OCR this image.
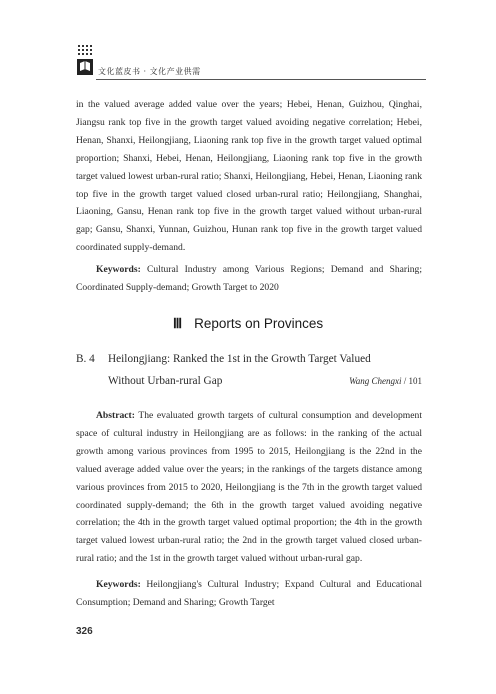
文化蓝皮书 · 文化产业供需

in the valued average added value over the years; Hebei, Henan, Guizhou, Qinghai, Jiangsu rank top five in the growth target valued avoiding negative correlation; Hebei, Henan, Shanxi, Heilongjiang, Liaoning rank top five in the growth target valued optimal proportion; Shanxi, Hebei, Henan, Heilongjiang, Liaoning rank top five in the growth target valued lowest urban-rural ratio; Shanxi, Heilongjiang, Hebei, Henan, Liaoning rank top five in the growth target valued closed urban-rural ratio; Heilongjiang, Shanghai, Liaoning, Gansu, Henan rank top five in the growth target valued without urban-rural gap; Gansu, Shanxi, Yunnan, Guizhou, Hunan rank top five in the growth target valued coordinated supply-demand.

Keywords: Cultural Industry among Various Regions; Demand and Sharing; Coordinated Supply-demand; Growth Target to 2020

Ⅲ Reports on Provinces
B. 4 Heilongjiang: Ranked the 1st in the Growth Target Valued
Without Urban-rural Gap	Wang Chengxi / 101

Abstract: The evaluated growth targets of cultural consumption and development space of cultural industry in Heilongjiang are as follows: in the ranking of the actual growth among various provinces from 1995 to 2015, Heilongjiang is the 22nd in the valued average added value over the years; in the rankings of the targets distance among various provinces from 2015 to 2020, Heilongjiang is the 7th in the growth target valued coordinated supply-demand; the 6th in the growth target valued avoiding negative correlation; the 4th in the growth target valued optimal proportion; the 4th in the growth target valued lowest urban-rural ratio; the 2nd in the growth target valued closed urban-rural ratio; and the 1st in the growth target valued without urban-rural gap.

Keywords: Heilongjiang's Cultural Industry; Expand Cultural and Educational Consumption; Demand and Sharing; Growth Target

326
